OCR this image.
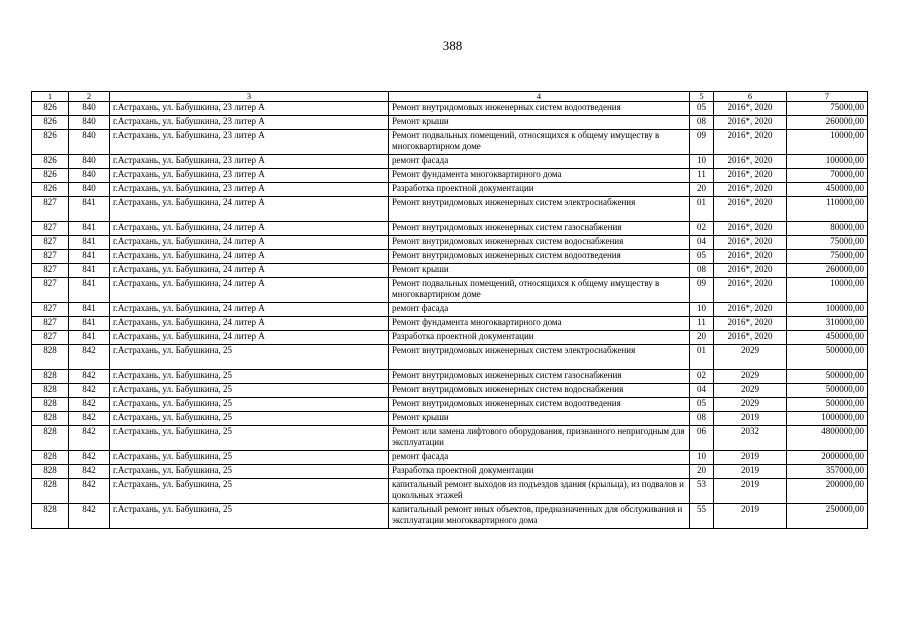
388
1	2	3	4	5	6	7
826	840	г.Астрахань, ул. Бабушкина, 23 литер А	Ремонт внутридомовых инженерных систем водоотведения	05	2016*, 2020	75000,00
826	840	г.Астрахань, ул. Бабушкина, 23 литер А	Ремонт крыши	08	2016*, 2020	260000,00
826	840	г.Астрахань, ул. Бабушкина, 23 литер А	Ремонт подвальных помещений, относящихся к общему имуществу в многоквартирном доме	09	2016*, 2020	10000,00
826	840	г.Астрахань, ул. Бабушкина, 23 литер А	ремонт фасада	10	2016*, 2020	100000,00
826	840	г.Астрахань, ул. Бабушкина, 23 литер А	Ремонт фундамента многоквартирного дома	11	2016*, 2020	70000,00
826	840	г.Астрахань, ул. Бабушкина, 23 литер А	Разработка проектной документации	20	2016*, 2020	450000,00
827	841	г.Астрахань, ул. Бабушкина, 24 литер А	Ремонт внутридомовых инженерных систем электроснабжения	01	2016*, 2020	110000,00
827	841	г.Астрахань, ул. Бабушкина, 24 литер А	Ремонт внутридомовых инженерных систем газоснабжения	02	2016*, 2020	80000,00
827	841	г.Астрахань, ул. Бабушкина, 24 литер А	Ремонт внутридомовых инженерных систем водоснабжения	04	2016*, 2020	75000,00
827	841	г.Астрахань, ул. Бабушкина, 24 литер А	Ремонт внутридомовых инженерных систем водоотведения	05	2016*, 2020	75000,00
827	841	г.Астрахань, ул. Бабушкина, 24 литер А	Ремонт крыши	08	2016*, 2020	260000,00
827	841	г.Астрахань, ул. Бабушкина, 24 литер А	Ремонт подвальных помещений, относящихся к общему имуществу в многоквартирном доме	09	2016*, 2020	10000,00
827	841	г.Астрахань, ул. Бабушкина, 24 литер А	ремонт фасада	10	2016*, 2020	100000,00
827	841	г.Астрахань, ул. Бабушкина, 24 литер А	Ремонт фундамента многоквартирного дома	11	2016*, 2020	310000,00
827	841	г.Астрахань, ул. Бабушкина, 24 литер А	Разработка проектной документации	20	2016*, 2020	450000,00
828	842	г.Астрахань, ул. Бабушкина, 25	Ремонт внутридомовых инженерных систем электроснабжения	01	2029	500000,00
828	842	г.Астрахань, ул. Бабушкина, 25	Ремонт внутридомовых инженерных систем газоснабжения	02	2029	500000,00
828	842	г.Астрахань, ул. Бабушкина, 25	Ремонт внутридомовых инженерных систем водоснабжения	04	2029	500000,00
828	842	г.Астрахань, ул. Бабушкина, 25	Ремонт внутридомовых инженерных систем водоотведения	05	2029	500000,00
828	842	г.Астрахань, ул. Бабушкина, 25	Ремонт крыши	08	2019	1000000,00
828	842	г.Астрахань, ул. Бабушкина, 25	Ремонт или замена лифтового оборудования, признанного непригодным для эксплуатации	06	2032	4800000,00
828	842	г.Астрахань, ул. Бабушкина, 25	ремонт фасада	10	2019	2000000,00
828	842	г.Астрахань, ул. Бабушкина, 25	Разработка проектной документации	20	2019	357000,00
828	842	г.Астрахань, ул. Бабушкина, 25	капитальный ремонт выходов из подъездов здания (крыльца), из подвалов и цокольных этажей	53	2019	200000,00
828	842	г.Астрахань, ул. Бабушкина, 25	капитальный ремонт иных объектов, предназначенных для обслуживания и эксплуатации многоквартирного дома	55	2019	250000,00
